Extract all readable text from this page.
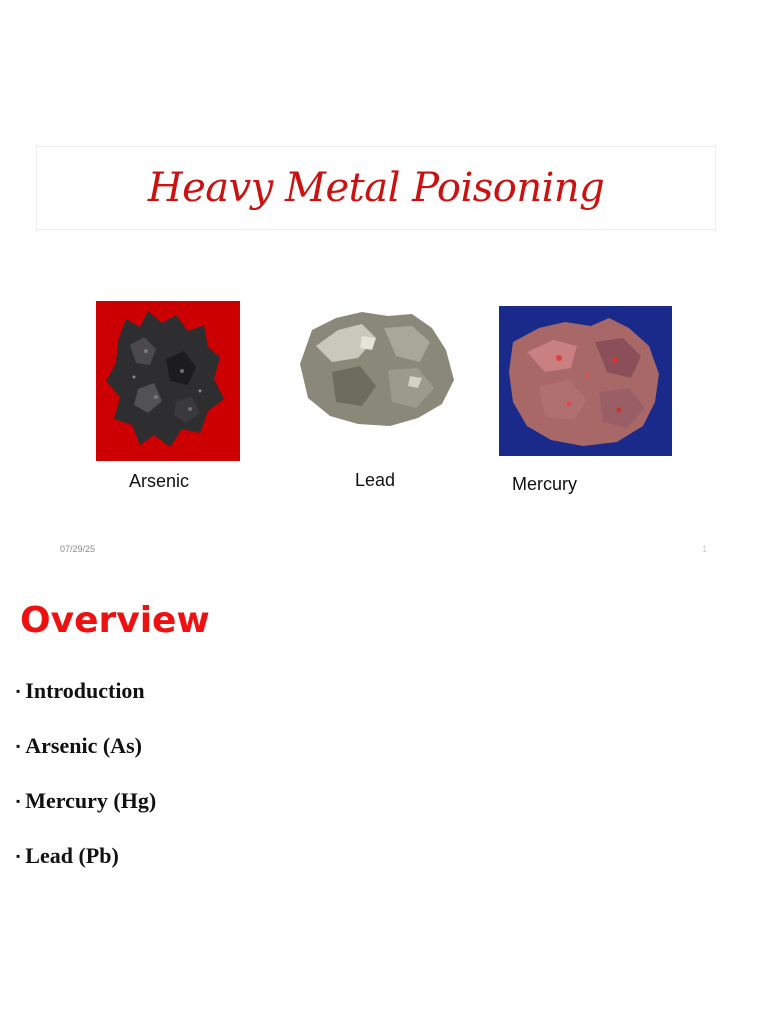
Heavy Metal Poisoning
Arsenic	Lead	Mercury
07/29/25	1
Overview
▪ Introduction
▪ Arsenic (As)
▪ Mercury (Hg)
▪ Lead (Pb)
